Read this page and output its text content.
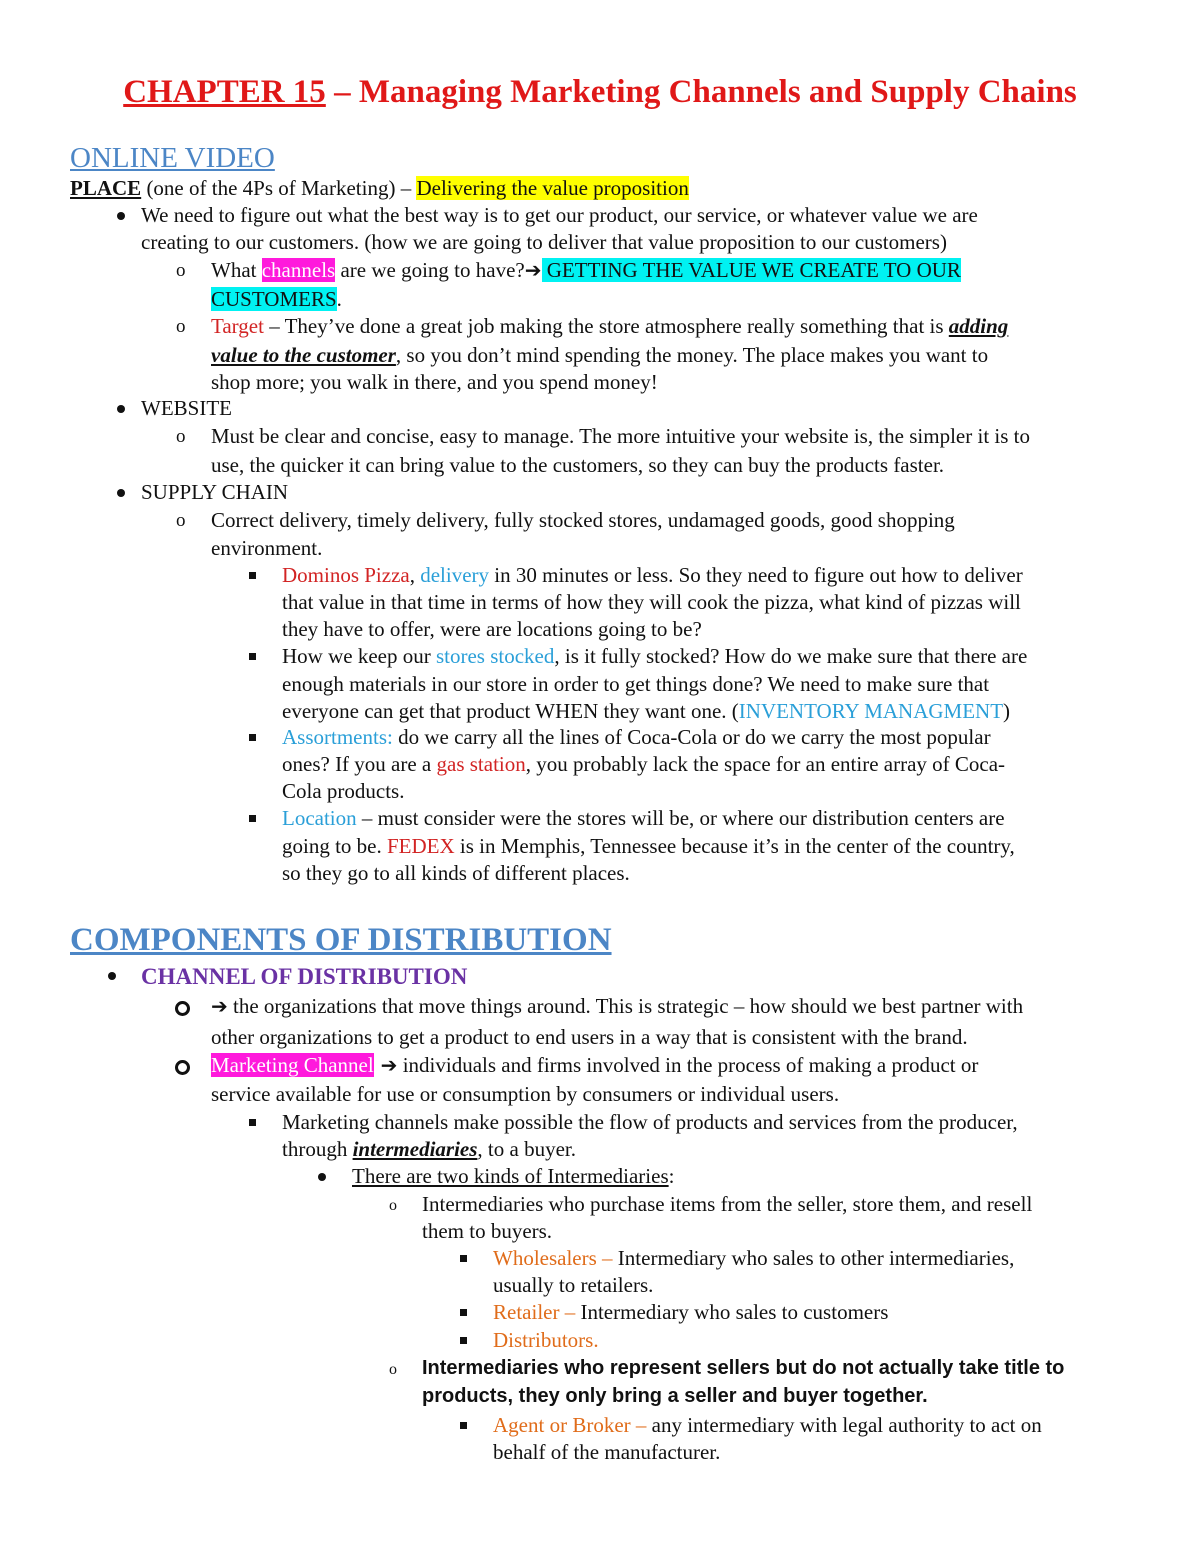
CHAPTER 15 – Managing Marketing Channels and Supply Chains
ONLINE VIDEO
PLACE (one of the 4Ps of Marketing) – Delivering the value proposition
We need to figure out what the best way is to get our product, our service, or whatever value we are
creating to our customers. (how we are going to deliver that value proposition to our customers)
o What channels are we going to have?➔ GETTING THE VALUE WE CREATE TO OUR
CUSTOMERS.
o Target – They’ve done a great job making the store atmosphere really something that is adding
value to the customer, so you don’t mind spending the money. The place makes you want to
shop more; you walk in there, and you spend money!
WEBSITE
o Must be clear and concise, easy to manage. The more intuitive your website is, the simpler it is to
use, the quicker it can bring value to the customers, so they can buy the products faster.
SUPPLY CHAIN
o Correct delivery, timely delivery, fully stocked stores, undamaged goods, good shopping
environment.
Dominos Pizza, delivery in 30 minutes or less. So they need to figure out how to deliver
that value in that time in terms of how they will cook the pizza, what kind of pizzas will
they have to offer, were are locations going to be?
How we keep our stores stocked, is it fully stocked? How do we make sure that there are
enough materials in our store in order to get things done? We need to make sure that
everyone can get that product WHEN they want one. (INVENTORY MANAGMENT)
Assortments: do we carry all the lines of Coca-Cola or do we carry the most popular
ones? If you are a gas station, you probably lack the space for an entire array of Coca-
Cola products.
Location – must consider were the stores will be, or where our distribution centers are
going to be. FEDEX is in Memphis, Tennessee because it’s in the center of the country,
so they go to all kinds of different places.
COMPONENTS OF DISTRIBUTION
CHANNEL OF DISTRIBUTION
➔ the organizations that move things around. This is strategic – how should we best partner with
other organizations to get a product to end users in a way that is consistent with the brand.
Marketing Channel ➔ individuals and firms involved in the process of making a product or
service available for use or consumption by consumers or individual users.
Marketing channels make possible the flow of products and services from the producer,
through intermediaries, to a buyer.
There are two kinds of Intermediaries:
o Intermediaries who purchase items from the seller, store them, and resell
them to buyers.
Wholesalers – Intermediary who sales to other intermediaries,
usually to retailers.
Retailer – Intermediary who sales to customers
Distributors.
o Intermediaries who represent sellers but do not actually take title to
products, they only bring a seller and buyer together.
Agent or Broker – any intermediary with legal authority to act on
behalf of the manufacturer.
